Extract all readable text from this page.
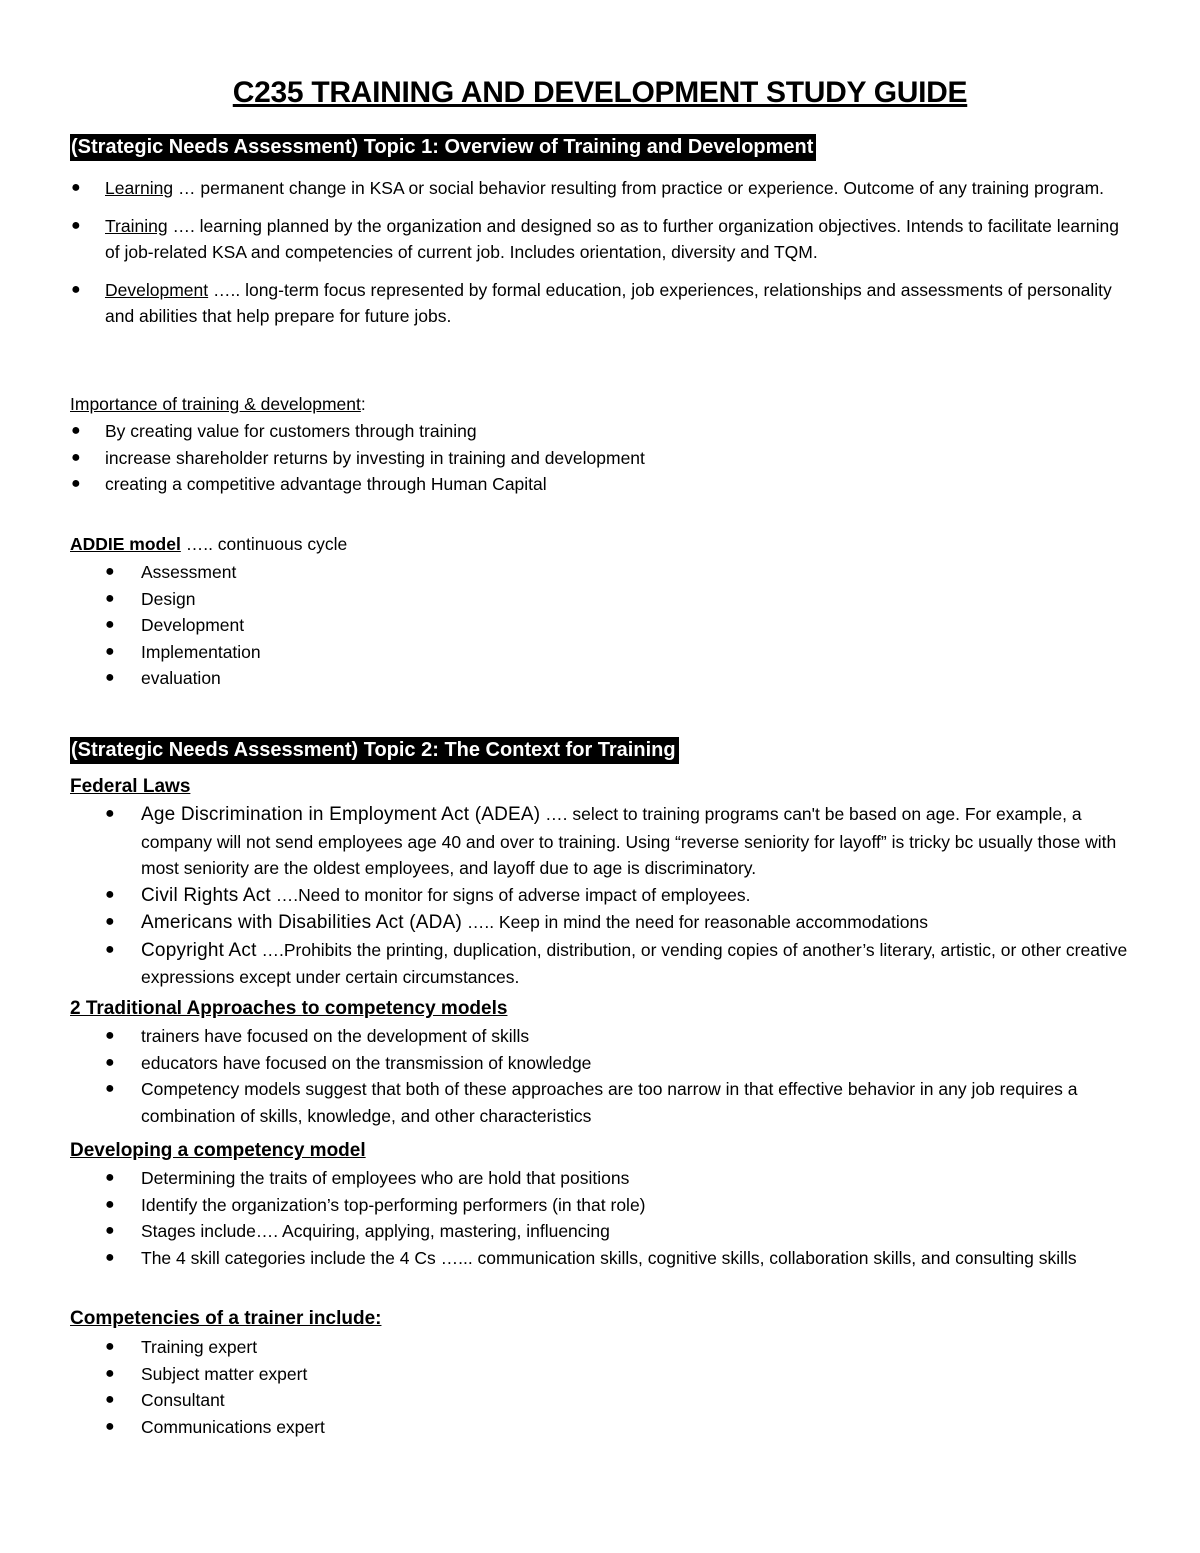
C235 TRAINING AND DEVELOPMENT STUDY GUIDE
(Strategic Needs Assessment) Topic 1: Overview of Training and Development
● Learning … permanent change in KSA or social behavior resulting from practice or experience. Outcome of any training program.
● Training …. learning planned by the organization and designed so as to further organization objectives. Intends to facilitate learning of job-related KSA and competencies of current job. Includes orientation, diversity and TQM.
● Development ….. long-term focus represented by formal education, job experiences, relationships and assessments of personality and abilities that help prepare for future jobs.
Importance of training & development:
● By creating value for customers through training
● increase shareholder returns by investing in training and development
● creating a competitive advantage through Human Capital
ADDIE model ….. continuous cycle
● Assessment
● Design
● Development
● Implementation
● evaluation
(Strategic Needs Assessment) Topic 2: The Context for Training
Federal Laws
● Age Discrimination in Employment Act (ADEA) …. select to training programs can't be based on age. For example, a company will not send employees age 40 and over to training. Using “reverse seniority for layoff” is tricky bc usually those with most seniority are the oldest employees, and layoff due to age is discriminatory.
● Civil Rights Act ….Need to monitor for signs of adverse impact of employees.
● Americans with Disabilities Act (ADA) ….. Keep in mind the need for reasonable accommodations
● Copyright Act ….Prohibits the printing, duplication, distribution, or vending copies of another’s literary, artistic, or other creative expressions except under certain circumstances.
2 Traditional Approaches to competency models
● trainers have focused on the development of skills
● educators have focused on the transmission of knowledge
● Competency models suggest that both of these approaches are too narrow in that effective behavior in any job requires a combination of skills, knowledge, and other characteristics
Developing a competency model
● Determining the traits of employees who are hold that positions
● Identify the organization’s top-performing performers (in that role)
● Stages include…. Acquiring, applying, mastering, influencing
● The 4 skill categories include the 4 Cs …... communication skills, cognitive skills, collaboration skills, and consulting skills
Competencies of a trainer include:
● Training expert
● Subject matter expert
● Consultant
● Communications expert
